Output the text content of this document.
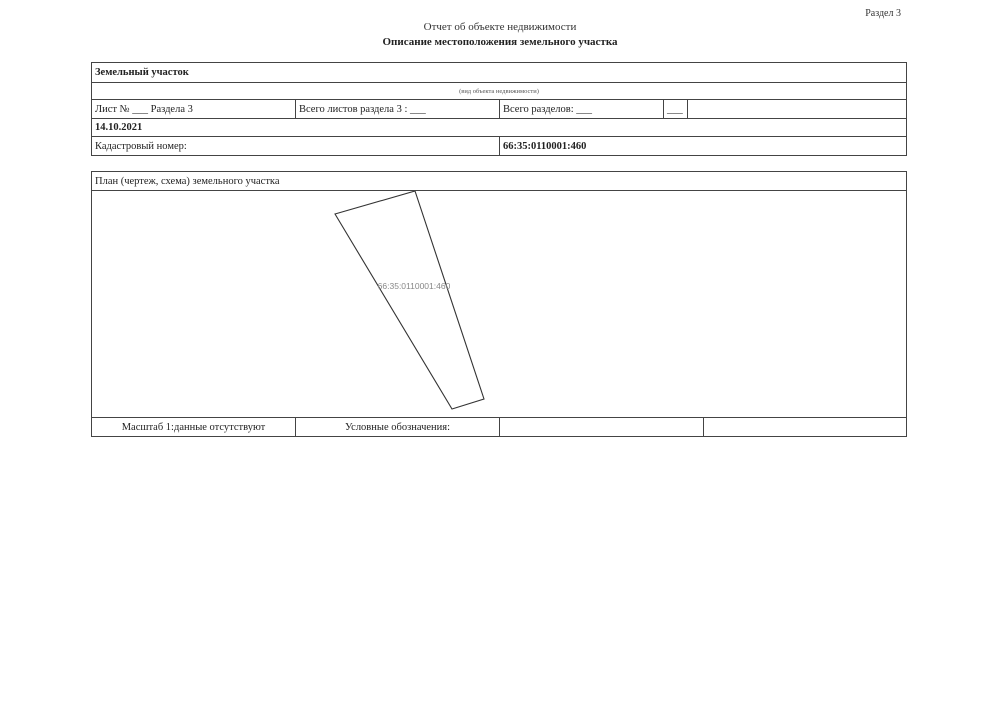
Раздел 3
Отчет об объекте недвижимости
Описание местоположения земельного участка
Земельный участок
(вид объекта недвижимости)
Лист № ___ Раздела 3	Всего листов раздела 3 : ___	Всего разделов: ___	___
14.10.2021
Кадастровый номер:	66:35:0110001:460
План (чертеж, схема) земельного участка
66:35:0110001:460
Масштаб 1:данные отсутствуют	Условные обозначения:
